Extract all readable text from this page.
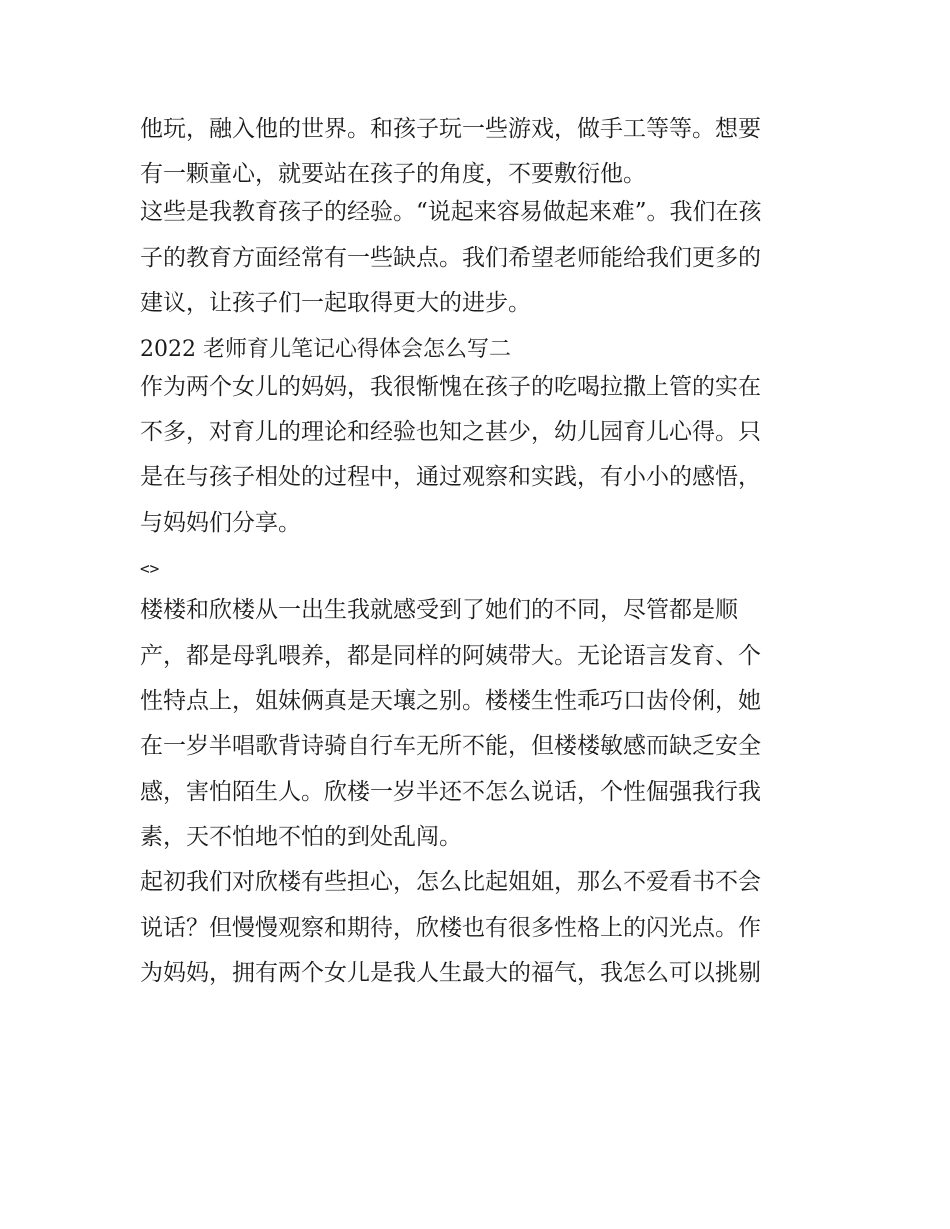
他玩，融入他的世界。和孩子玩一些游戏，做手工等等。想要
有一颗童心，就要站在孩子的角度，不要敷衍他。
这些是我教育孩子的经验。“说起来容易做起来难”。我们在孩
子的教育方面经常有一些缺点。我们希望老师能给我们更多的
建议，让孩子们一起取得更大的进步。
2022 老师育儿笔记心得体会怎么写二
作为两个女儿的妈妈，我很惭愧在孩子的吃喝拉撒上管的实在
不多，对育儿的理论和经验也知之甚少，幼儿园育儿心得。只
是在与孩子相处的过程中，通过观察和实践，有小小的感悟，
与妈妈们分享。
<>
楼楼和欣楼从一出生我就感受到了她们的不同，尽管都是顺
产，都是母乳喂养，都是同样的阿姨带大。无论语言发育、个
性特点上，姐妹俩真是天壤之别。楼楼生性乖巧口齿伶俐，她
在一岁半唱歌背诗骑自行车无所不能，但楼楼敏感而缺乏安全
感，害怕陌生人。欣楼一岁半还不怎么说话，个性倔强我行我
素，天不怕地不怕的到处乱闯。
起初我们对欣楼有些担心，怎么比起姐姐，那么不爱看书不会
说话？但慢慢观察和期待，欣楼也有很多性格上的闪光点。作
为妈妈，拥有两个女儿是我人生最大的福气，我怎么可以挑剔
